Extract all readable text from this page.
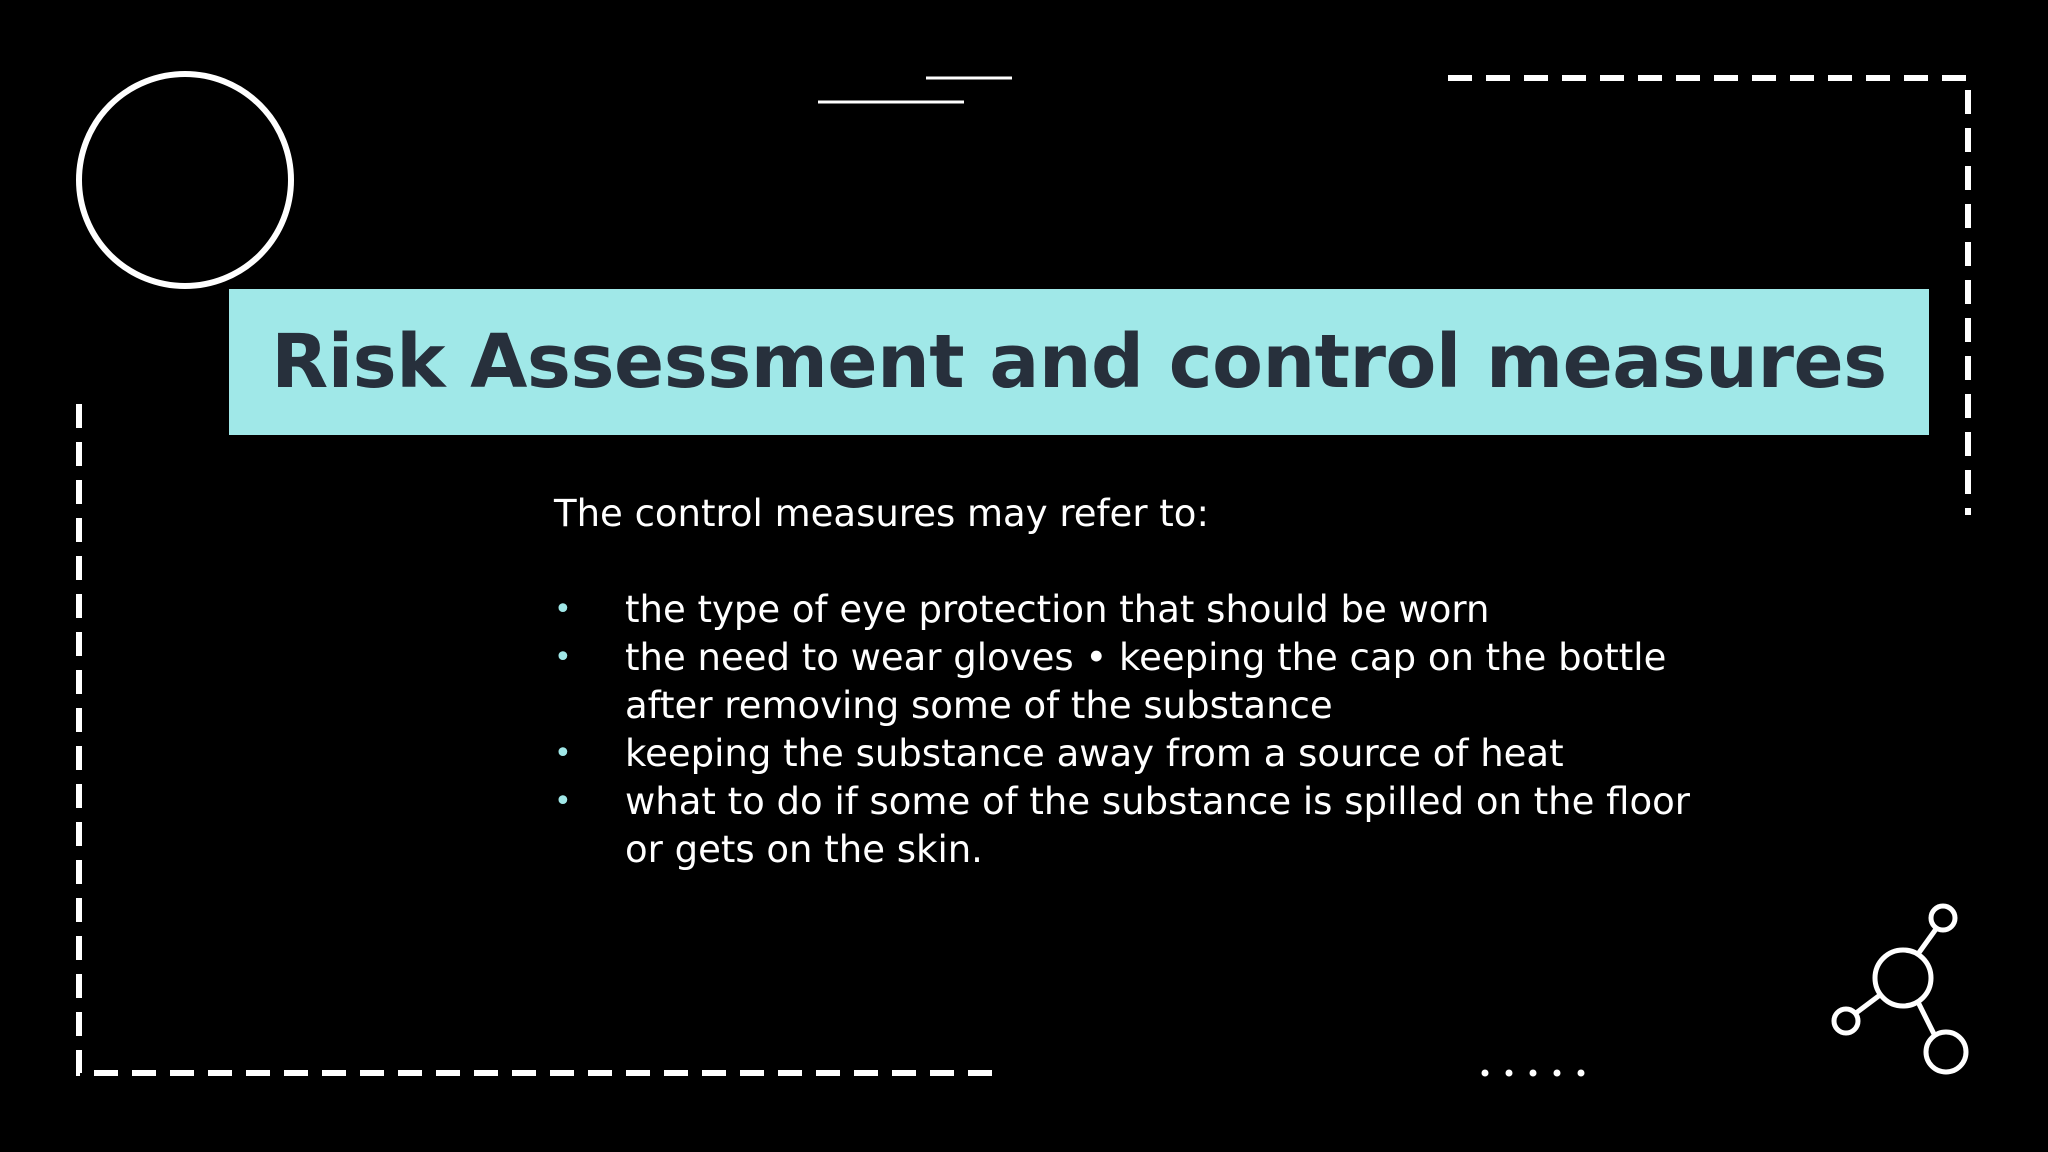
Risk Assessment and control measures

The control measures may refer to:

• the type of eye protection that should be worn
• the need to wear gloves • keeping the cap on the bottle after removing some of the substance
• keeping the substance away from a source of heat
• what to do if some of the substance is spilled on the floor or gets on the skin.
